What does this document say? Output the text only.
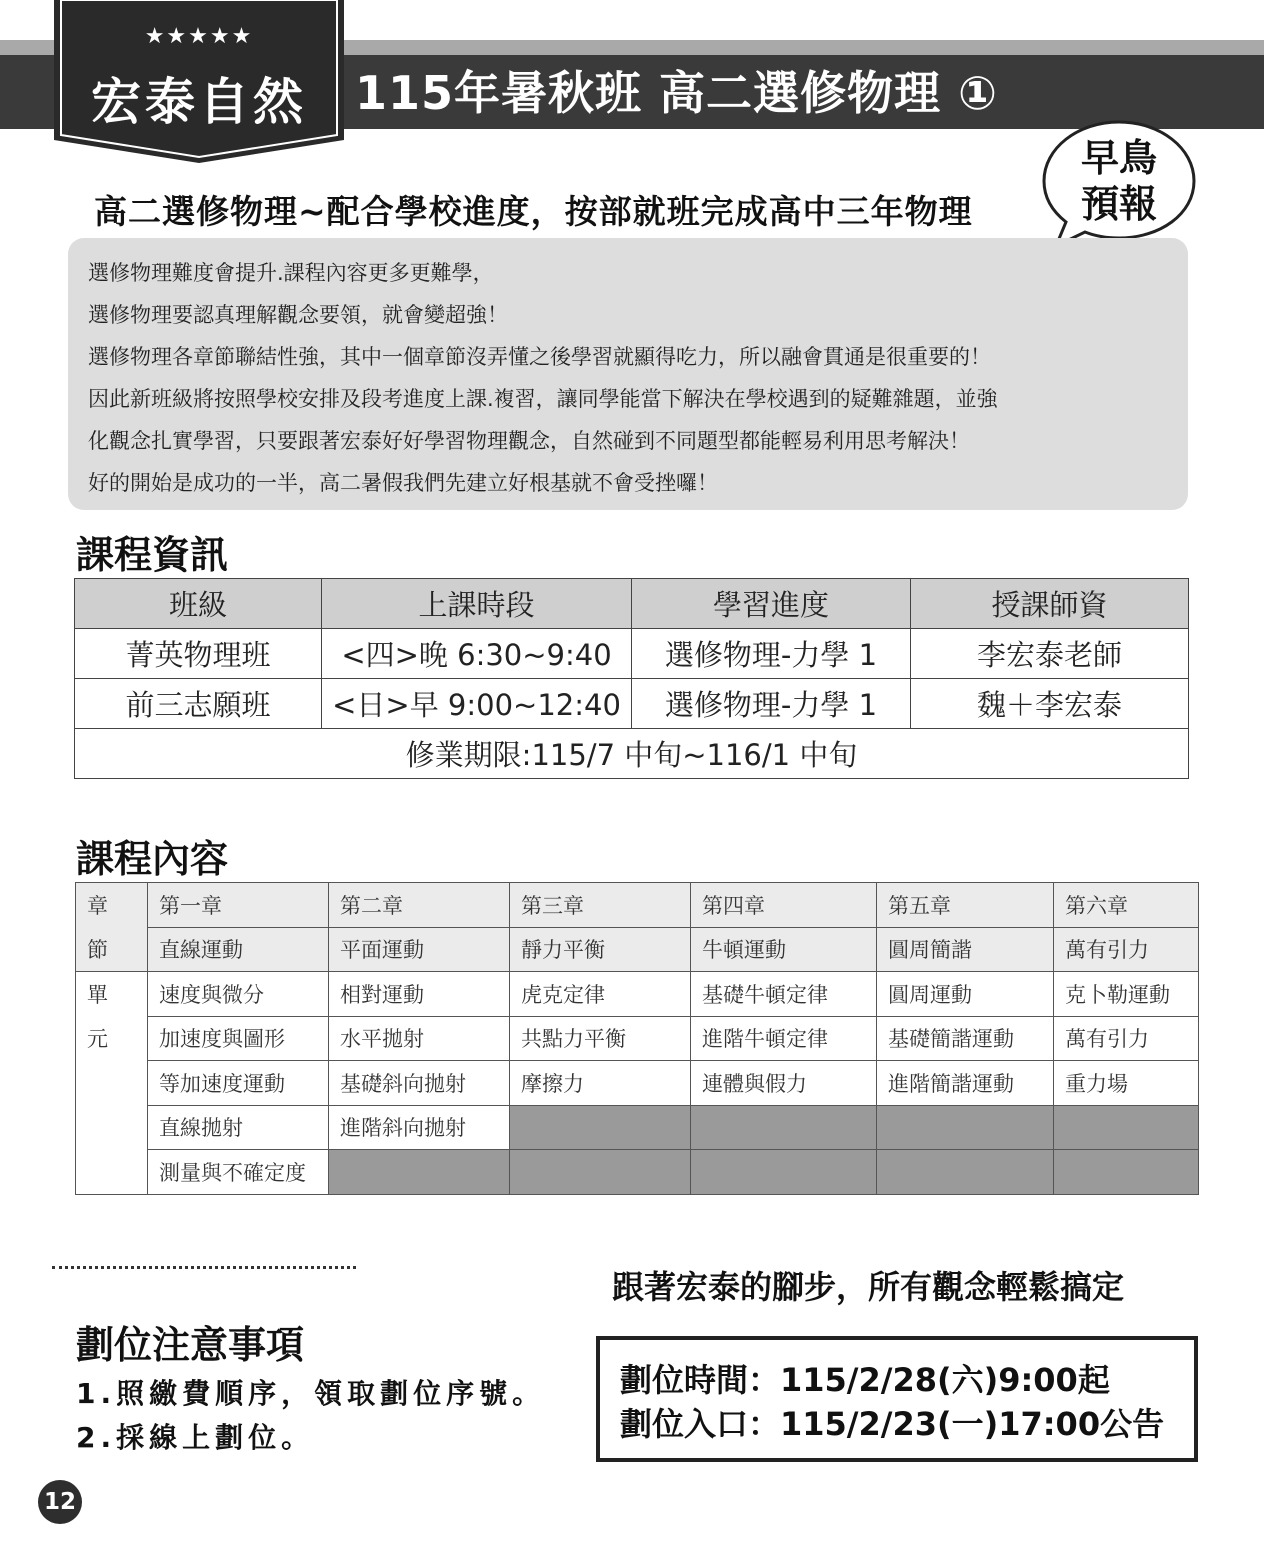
115年暑秋班 高二選修物理 ①
★★★★★
宏泰自然
早鳥
預報
高二選修物理~配合學校進度，按部就班完成高中三年物理

選修物理難度會提升.課程內容更多更難學，

選修物理要認真理解觀念要領，就會變超強！

選修物理各章節聯結性強，其中一個章節沒弄懂之後學習就顯得吃力，所以融會貫通是很重要的！

因此新班級將按照學校安排及段考進度上課.複習，讓同學能當下解決在學校遇到的疑難雜題，並強

化觀念扎實學習，只要跟著宏泰好好學習物理觀念，自然碰到不同題型都能輕易利用思考解決！

好的開始是成功的一半，高二暑假我們先建立好根基就不會受挫囉！

課程資訊
班級	上課時段	學習進度	授課師資
菁英物理班	<四>晚 6:30~9:40	選修物理-力學 1	李宏泰老師
前三志願班	<日>早 9:00~12:40	選修物理-力學 1	魏＋李宏泰
修業期限:115/7 中旬~116/1 中旬			
課程內容
章	第一章	第二章	第三章	第四章	第五章	第六章
節	直線運動	平面運動	靜力平衡	牛頓運動	圓周簡諧	萬有引力
單	速度與微分	相對運動	虎克定律	基礎牛頓定律	圓周運動	克卜勒運動
元	加速度與圖形	水平拋射	共點力平衡	進階牛頓定律	基礎簡諧運動	萬有引力
	等加速度運動	基礎斜向拋射	摩擦力	連體與假力	進階簡諧運動	重力場
	直線拋射	進階斜向拋射				
	測量與不確定度					
跟著宏泰的腳步，所有觀念輕鬆搞定
劃位注意事項
1.照繳費順序，領取劃位序號。
2.採線上劃位。

劃位時間：115/2/28(六)9:00起

劃位入口：115/2/23(一)17:00公告

12
